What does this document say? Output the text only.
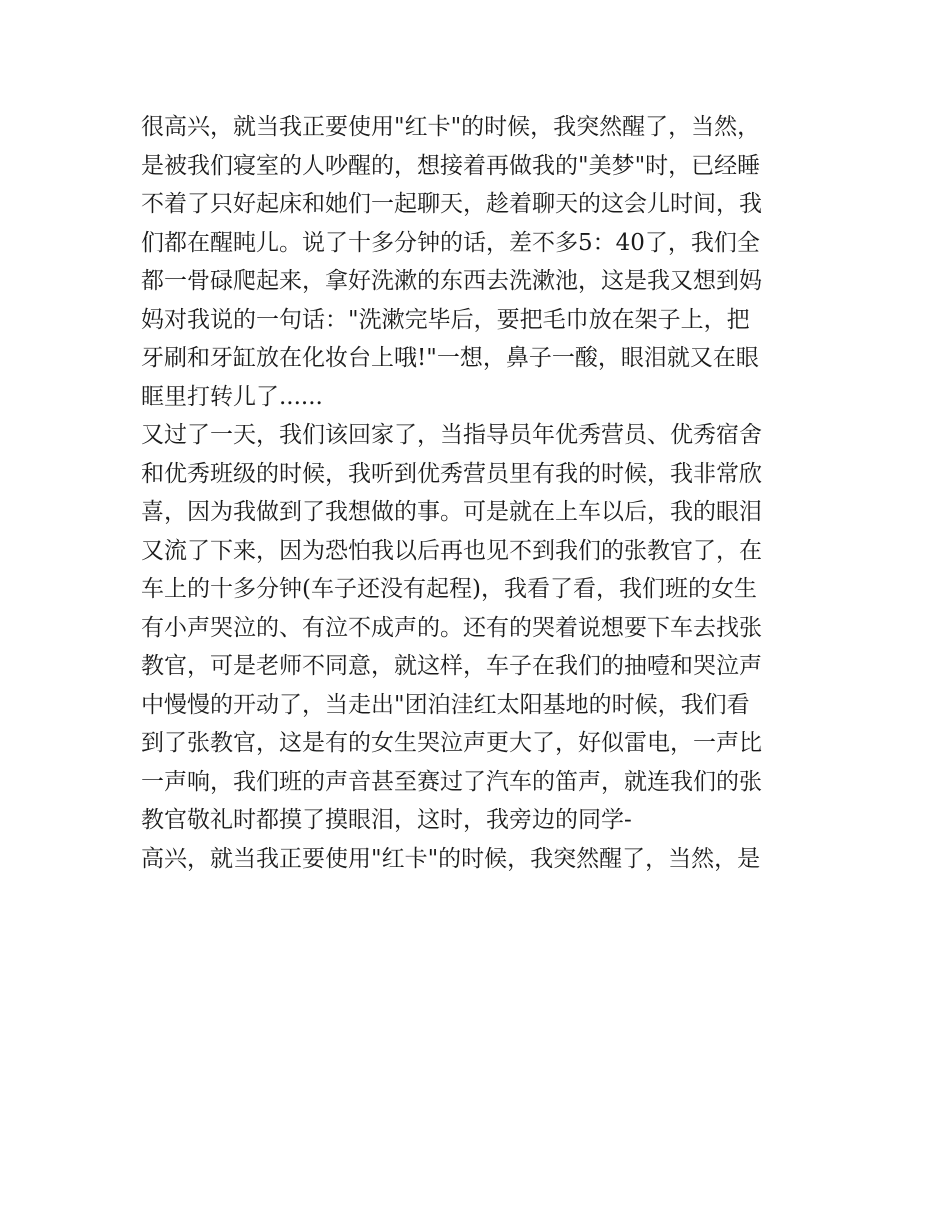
很高兴，就当我正要使用"红卡"的时候，我突然醒了，当然，
是被我们寝室的人吵醒的，想接着再做我的"美梦"时，已经睡
不着了只好起床和她们一起聊天，趁着聊天的这会儿时间，我
们都在醒盹儿。说了十多分钟的话，差不多5：40了，我们全
都一骨碌爬起来，拿好洗漱的东西去洗漱池，这是我又想到妈
妈对我说的一句话："洗漱完毕后，要把毛巾放在架子上，把
牙刷和牙缸放在化妆台上哦!"一想，鼻子一酸，眼泪就又在眼
眶里打转儿了......
又过了一天，我们该回家了，当指导员年优秀营员、优秀宿舍
和优秀班级的时候，我听到优秀营员里有我的时候，我非常欣
喜，因为我做到了我想做的事。可是就在上车以后，我的眼泪
又流了下来，因为恐怕我以后再也见不到我们的张教官了，在
车上的十多分钟(车子还没有起程)，我看了看，我们班的女生
有小声哭泣的、有泣不成声的。还有的哭着说想要下车去找张
教官，可是老师不同意，就这样，车子在我们的抽噎和哭泣声
中慢慢的开动了，当走出"团泊洼红太阳基地的时候，我们看
到了张教官，这是有的女生哭泣声更大了，好似雷电，一声比
一声响，我们班的声音甚至赛过了汽车的笛声，就连我们的张
教官敬礼时都摸了摸眼泪，这时，我旁边的同学-
高兴，就当我正要使用"红卡"的时候，我突然醒了，当然，是
